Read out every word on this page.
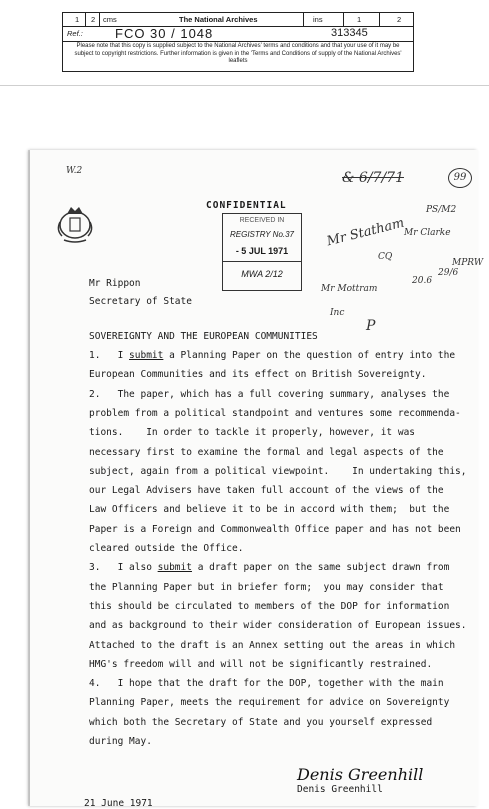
1 2 cms	The National Archives	ins	1	2
Ref.: FCO 30 / 1048	313345
Please note that this copy is supplied subject to the National Archives' terms and conditions and that your use of it may be subject to copyright restrictions. Further information is given in the 'Terms and Conditions of supply of the National Archives' leaflets
W.2	& 6/7/71	99
CONFIDENTIAL
RECEIVED IN
REGISTRY No.37
- 5 JUL 1971
MWA 2/12
Mr Statham
PS/M2
Mr Clarke
CQ
MPRW
20.6
Mr Mottram
Inc
P
29/6
Mr Rippon
Secretary of State
SOVEREIGNTY AND THE EUROPEAN COMMUNITIES
1.   I submit a Planning Paper on the question of entry into the
European Communities and its effect on British Sovereignty.
2.   The paper, which has a full covering summary, analyses the
problem from a political standpoint and ventures some recommenda-
tions.    In order to tackle it properly, however, it was
necessary first to examine the formal and legal aspects of the
subject, again from a political viewpoint.    In undertaking this,
our Legal Advisers have taken full account of the views of the
Law Officers and believe it to be in accord with them;  but the
Paper is a Foreign and Commonwealth Office paper and has not been
cleared outside the Office.
3.   I also submit a draft paper on the same subject drawn from
the Planning Paper but in briefer form;  you may consider that
this should be circulated to members of the DOP for information
and as background to their wider consideration of European issues.
Attached to the draft is an Annex setting out the areas in which
HMG's freedom will and will not be significantly restrained.
4.   I hope that the draft for the DOP, together with the main
Planning Paper, meets the requirement for advice on Sovereignty
which both the Secretary of State and you yourself expressed
during May.
Denis Greenhill
Denis Greenhill
21 June 1971
